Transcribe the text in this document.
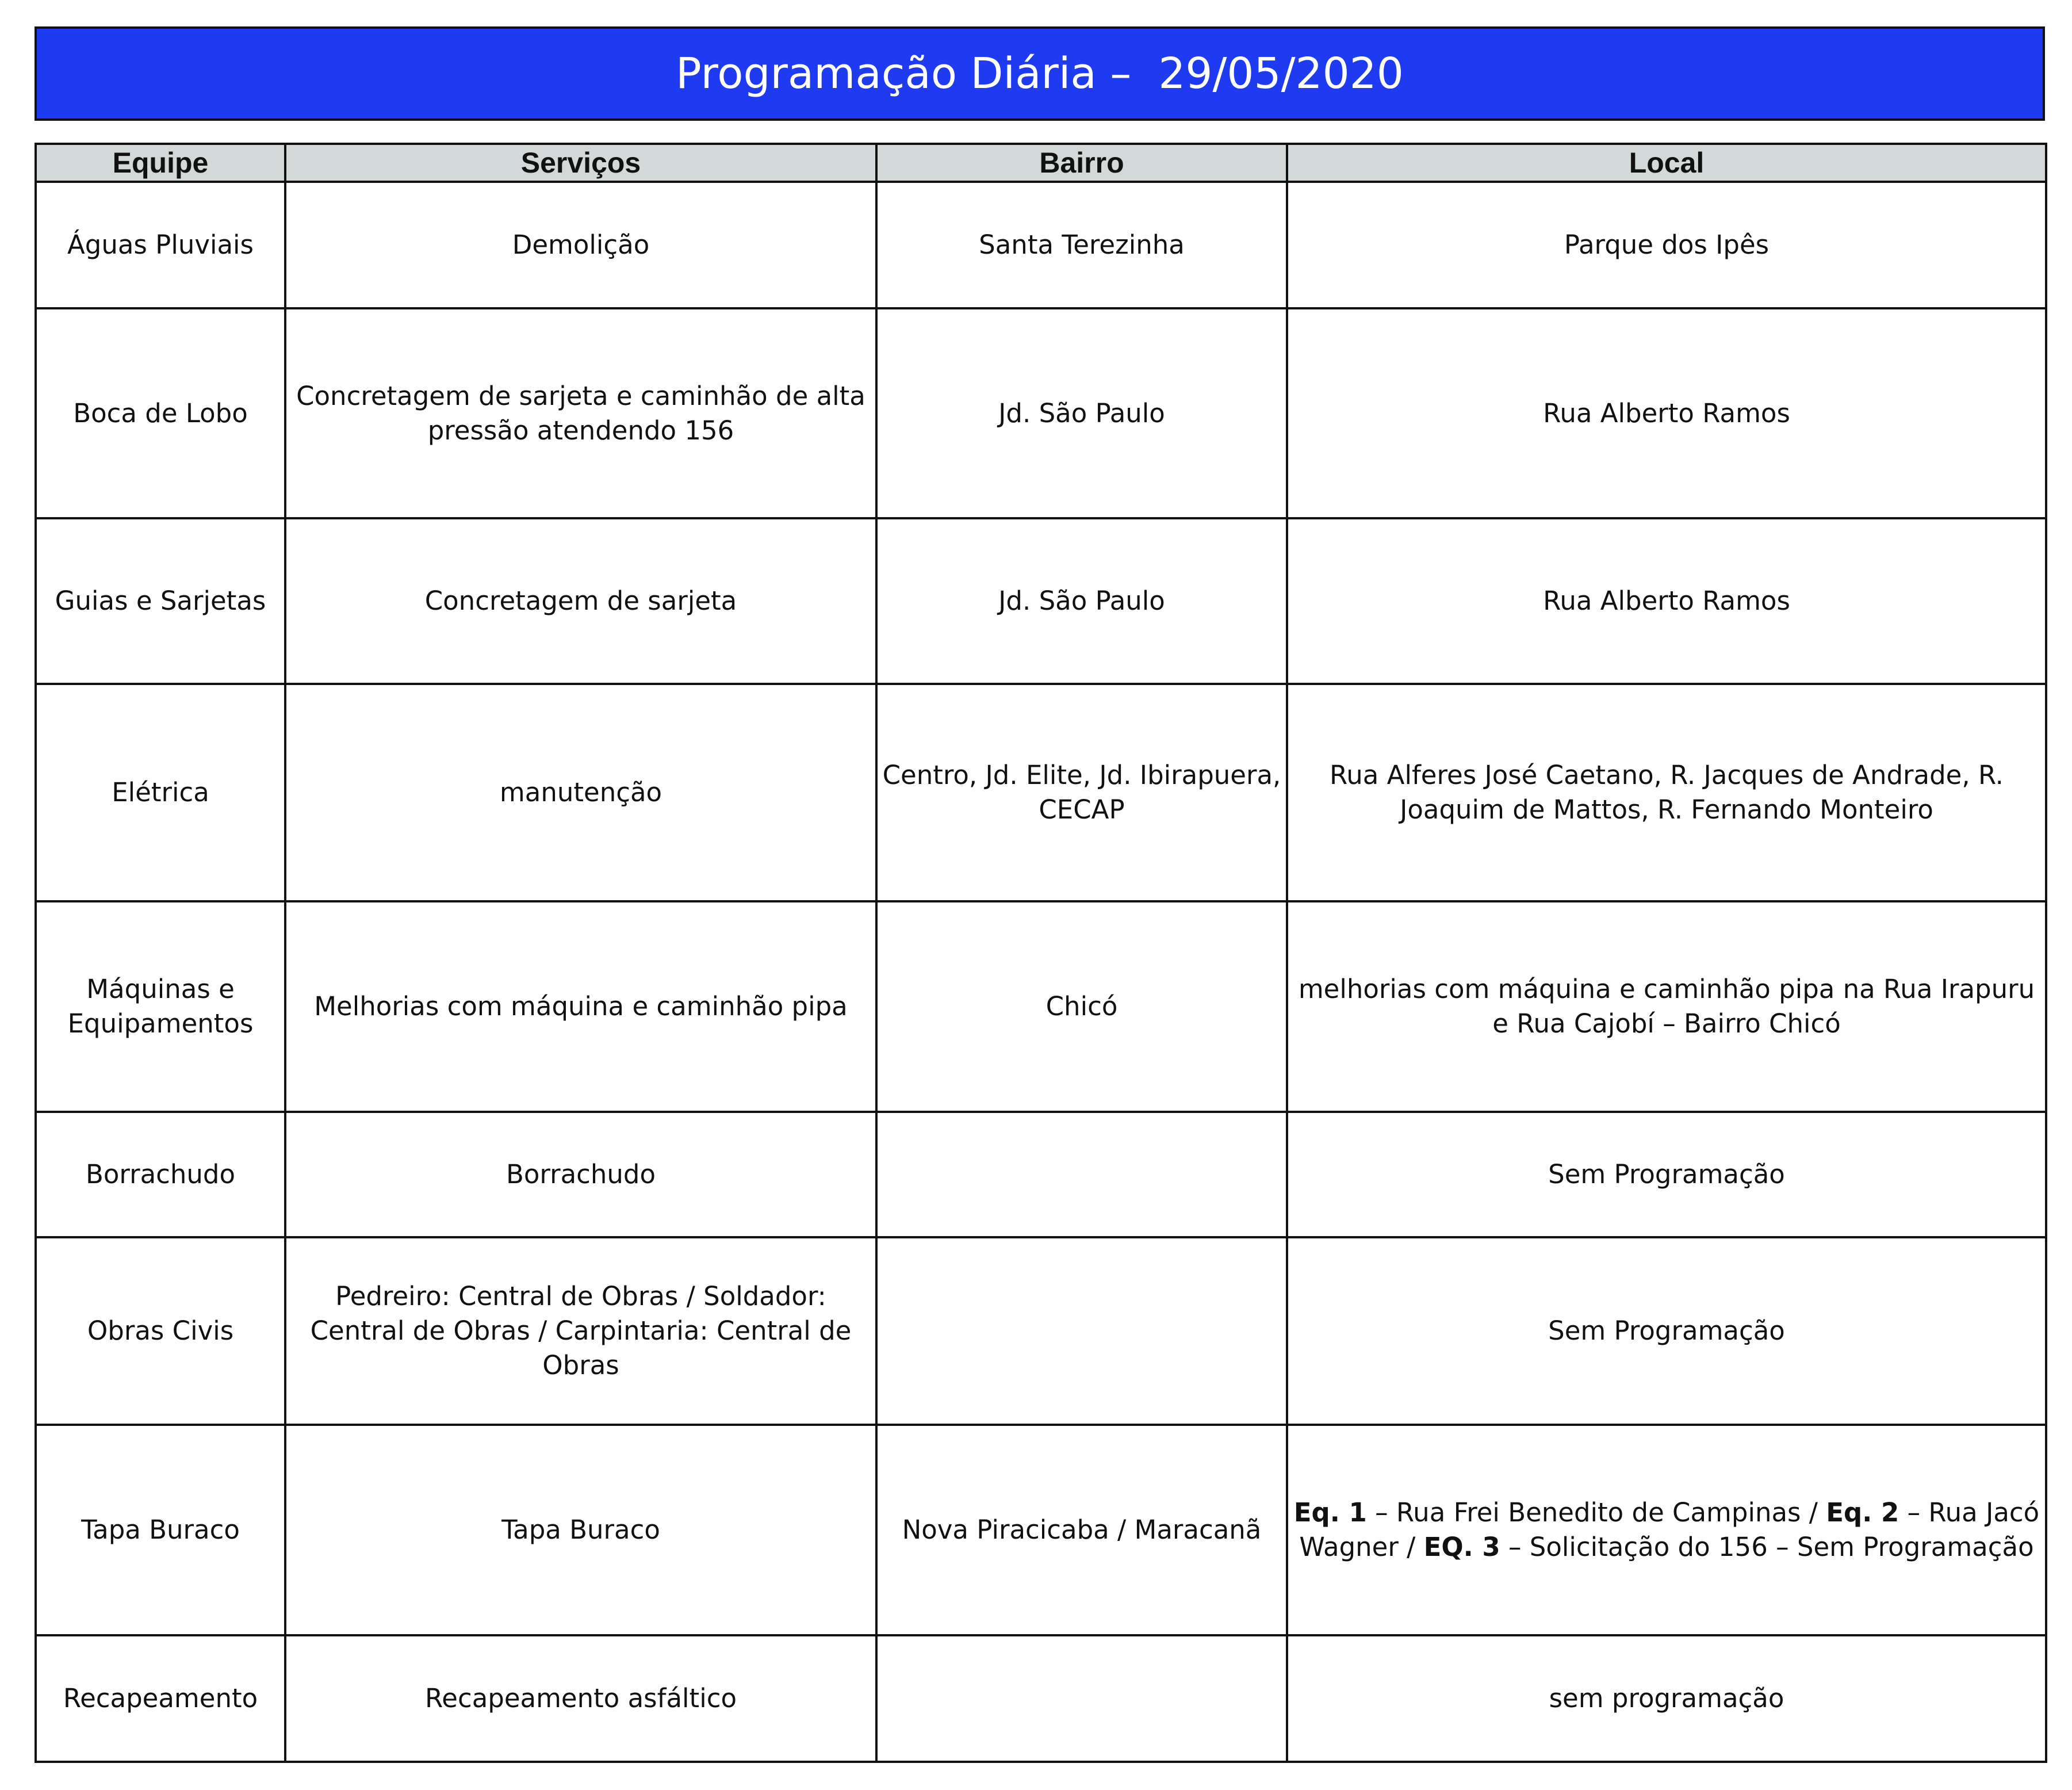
Programação Diária –  29/05/2020
Equipe	Serviços	Bairro	Local
Águas Pluviais	Demolição	Santa Terezinha	Parque dos Ipês
Boca de Lobo	Concretagem de sarjeta e caminhão de alta pressão atendendo 156	Jd. São Paulo	Rua Alberto Ramos
Guias e Sarjetas	Concretagem de sarjeta	Jd. São Paulo	Rua Alberto Ramos
Elétrica	manutenção	Centro, Jd. Elite, Jd. Ibirapuera, CECAP	Rua Alferes José Caetano, R. Jacques de Andrade, R. Joaquim de Mattos, R. Fernando Monteiro
Máquinas e Equipamentos	Melhorias com máquina e caminhão pipa	Chicó	melhorias com máquina e caminhão pipa na Rua Irapuru e Rua Cajobí – Bairro Chicó
Borrachudo	Borrachudo		Sem Programação
Obras Civis	Pedreiro: Central de Obras / Soldador: Central de Obras / Carpintaria: Central de Obras		Sem Programação
Tapa Buraco	Tapa Buraco	Nova Piracicaba / Maracanã	Eq. 1 – Rua Frei Benedito de Campinas / Eq. 2 – Rua Jacó Wagner / EQ. 3 – Solicitação do 156 – Sem Programação
Recapeamento	Recapeamento asfáltico		sem programação
